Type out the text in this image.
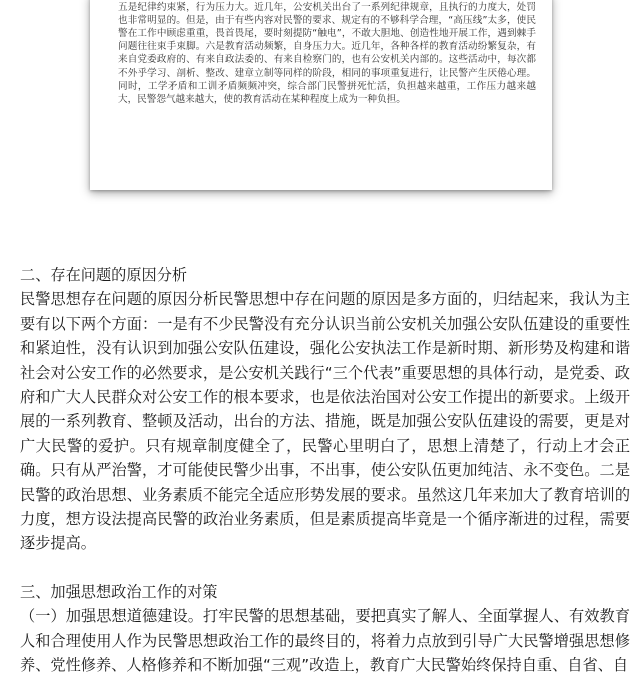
五是纪律约束紧，行为压力大。近几年，公安机关出台了一系列纪律规章，且执行的力度大，处罚也非常明显的。但是，由于有些内容对民警的要求、规定有的不够科学合理，“高压线”太多，使民警在工作中顾虑重重，畏首畏尾，要时刻提防“触电”，不敢大胆地、创造性地开展工作，遇到棘手问题往往束手束脚。六是教育活动频繁，自身压力大。近几年，各种各样的教育活动纷繁复杂，有来自党委政府的、有来自政法委的、有来自检察门的，也有公安机关内部的。这些活动中，每次都不外乎学习、剖析、整改、建章立制等同样的阶段，相同的事项重复进行，让民警产生厌倦心理。同时，工学矛盾和工训矛盾频频冲突，综合部门民警拼死忙活，负担越来越重，工作压力越来越大，民警怨气越来越大，使的教育活动在某种程度上成为一种负担。

二、存在问题的原因分析

民警思想存在问题的原因分析民警思想中存在问题的原因是多方面的，归结起来，我认为主要有以下两个方面：一是有不少民警没有充分认识当前公安机关加强公安队伍建设的重要性和紧迫性，没有认识到加强公安队伍建设，强化公安执法工作是新时期、新形势及构建和谐社会对公安工作的必然要求，是公安机关践行“三个代表”重要思想的具体行动，是党委、政府和广大人民群众对公安工作的根本要求，也是依法治国对公安工作提出的新要求。上级开展的一系列教育、整顿及活动，出台的方法、措施，既是加强公安队伍建设的需要，更是对广大民警的爱护。只有规章制度健全了，民警心里明白了，思想上清楚了，行动上才会正确。只有从严治警，才可能使民警少出事，不出事，使公安队伍更加纯洁、永不变色。二是民警的政治思想、业务素质不能完全适应形势发展的要求。虽然这几年来加大了教育培训的力度，想方设法提高民警的政治业务素质，但是素质提高毕竟是一个循序渐进的过程，需要逐步提高。

三、加强思想政治工作的对策

（一）加强思想道德建设。打牢民警的思想基础，要把真实了解人、全面掌握人、有效教育人和合理使用人作为民警思想政治工作的最终目的，将着力点放到引导广大民警增强思想修养、党性修养、人格修养和不断加强“三观”改造上，教育广大民警始终保持自重、自省、自
